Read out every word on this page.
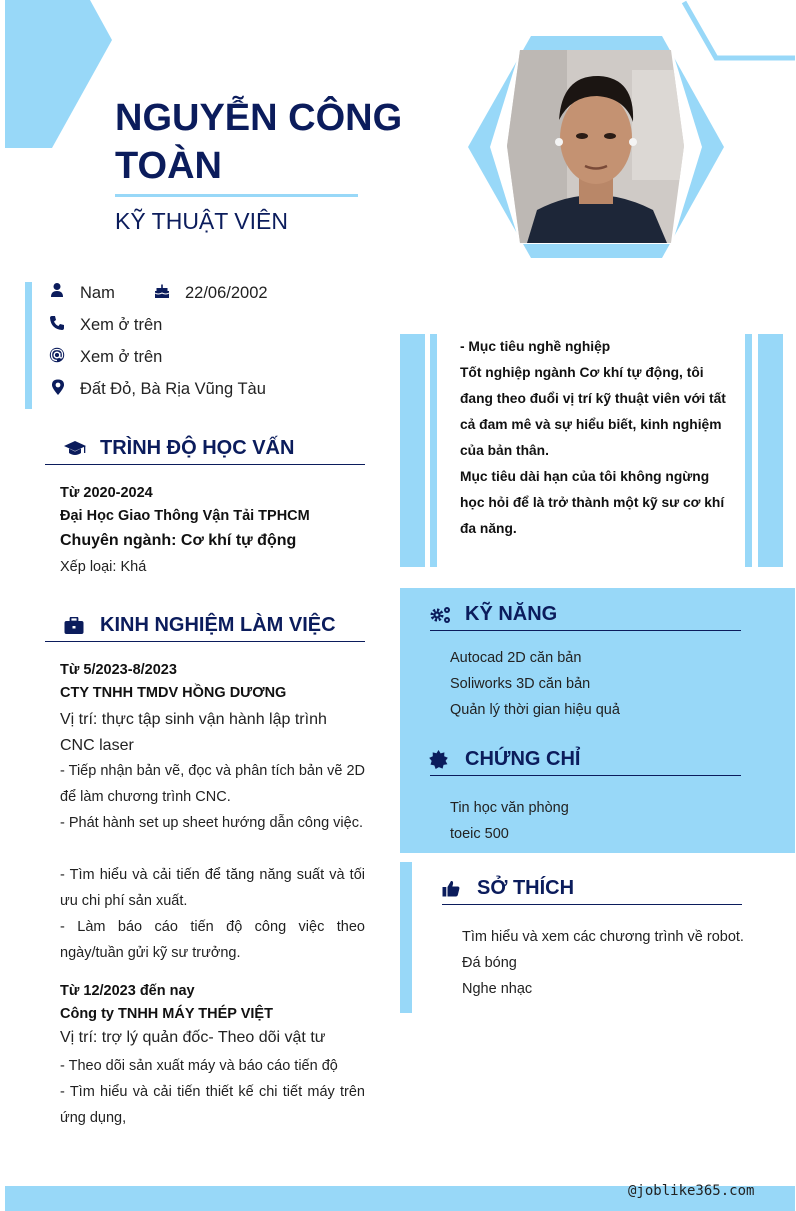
NGUYỄN CÔNG TOÀN
KỸ THUẬT VIÊN
Nam	22/06/2002
Xem ở trên
Xem ở trên
Đất Đỏ, Bà Rịa Vũng Tàu
TRÌNH ĐỘ HỌC VẤN
Từ 2020-2024
Đại Học Giao Thông Vận Tải TPHCM
Chuyên ngành: Cơ khí tự động
Xếp loại: Khá
KINH NGHIỆM LÀM VIỆC
Từ 5/2023-8/2023
CTY TNHH TMDV HỒNG DƯƠNG
Vị trí: thực tập sinh vận hành lập trình CNC laser
- Tiếp nhận bản vẽ, đọc và phân tích bản vẽ 2D để làm chương trình CNC.
- Phát hành set up sheet hướng dẫn công việc.
- Tìm hiểu và cải tiến để tăng năng suất và tối ưu chi phí sản xuất.
- Làm báo cáo tiến độ công việc theo ngày/tuần gửi kỹ sư trưởng.
Từ 12/2023 đến nay
Công ty TNHH MÁY THÉP VIỆT
Vị trí: trợ lý quản đốc- Theo dõi vật tư
- Theo dõi sản xuất máy và báo cáo tiến độ
- Tìm hiểu và cải tiến thiết kế chi tiết máy trên ứng dụng,
- Mục tiêu nghề nghiệp
Tốt nghiệp ngành Cơ khí tự động, tôi đang theo đuổi vị trí kỹ thuật viên với tất cả đam mê và sự hiểu biết, kinh nghiệm của bản thân.
Mục tiêu dài hạn của tôi không ngừng học hỏi để là trở thành một kỹ sư cơ khí đa năng.
KỸ NĂNG
Autocad 2D căn bản
Soliworks 3D căn bản
Quản lý thời gian hiệu quả
CHỨNG CHỈ
Tin học văn phòng
toeic 500
SỞ THÍCH
Tìm hiểu và xem các chương trình về robot.
Đá bóng
Nghe nhạc
@joblike365.com
